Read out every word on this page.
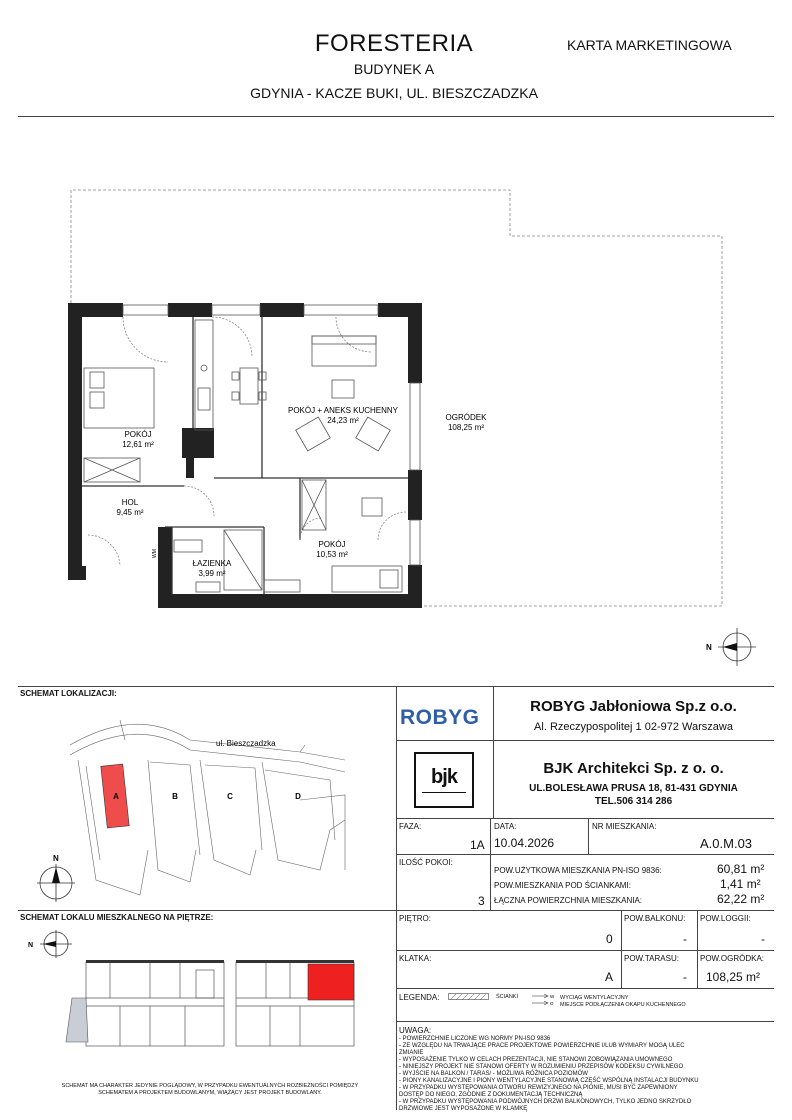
FORESTERIA
BUDYNEK A
GDYNIA - KACZE BUKI, UL. BIESZCZADZKA
KARTA MARKETINGOWA
POKÓJ
12,61 m²
HOL
9,45 m²
ŁAZIENKA
3,99 m²
POKÓJ + ANEKS KUCHENNY
24,23 m²
POKÓJ
10,53 m²
OGRÓDEK
108,25 m²
WM
N
SCHEMAT LOKALIZACJI:
A	B	C	D
ul. Bieszczadzka
N
SCHEMAT LOKALU MIESZKALNEGO NA PIĘTRZE:
N
SCHEMAT MA CHARAKTER JEDYNIE POGLĄDOWY, W PRZYPADKU EWENTUALNYCH ROZBIEŻNOŚCI POMIĘDZY SCHEMATEM A PROJEKTEM BUDOWLANYM, WIĄŻĄCY JEST PROJEKT BUDOWLANY.
ROBYG	ROBYG Jabłoniowa Sp.z o.o.
Al. Rzeczypospolitej 1 02-972 Warszawa
bjk	BJK Architekci Sp. z o. o.
UL.BOLESŁAWA PRUSA 18, 81-431 GDYNIA
TEL.506 314 286
FAZA:
1A
DATA:
10.04.2026
NR MIESZKANIA:
A.0.M.03
ILOŚĆ POKOI:
3
POW.UŻYTKOWA MIESZKANIA PN-ISO 9836:	60,81 m²
POW.MIESZKANIA POD ŚCIANKAMI:	1,41 m²
ŁĄCZNA POWIERZCHNIA MIESZKANIA:	62,22 m²
PIĘTRO:
0
POW.BALKONU:
-
POW.LOGGII:
-
KLATKA:
A
POW.TARASU:
-
POW.OGRÓDKA:
108,25 m²
LEGENDA:	ŚCIANKI	W
O
WYCIĄG WENTYLACYJNY
MIEJSCE PODŁĄCZENIA OKAPU KUCHENNEGO
UWAGA:
- POWIERZCHNIE LICZONE WG NORMY PN-ISO 9836
- ZE WZGLĘDU NA TRWAJĄCE PRACE PROJEKTOWE POWIERZCHNIE I/LUB WYMIARY MOGĄ ULEC ZMIANIE
- WYPOSAŻENIE TYLKO W CELACH PREZENTACJI, NIE STANOWI ZOBOWIĄZANIA UMOWNEGO
- NINIEJSZY PROJEKT NIE STANOWI OFERTY W ROZUMIENIU PRZEPISÓW KODEKSU CYWILNEGO
- WYJŚCIE NA BALKON / TARAS/ - MOŻLIWA RÓŻNICA POZIOMÓW
- PIONY KANALIZACYJNE I PIONY WENTYLACYJNE STANOWIĄ CZĘŚĆ WSPÓLNĄ INSTALACJI BUDYNKU
- W PRZYPADKU WYSTĘPOWANIA OTWORU REWIZYJNEGO NA PIONIE, MUSI BYĆ ZAPEWNIONY DOSTĘP DO NIEGO, ZGODNIE Z DOKUMENTACJĄ TECHNICZNĄ
- W PRZYPADKU WYSTĘPOWANIA PODWÓJNYCH DRZWI BALKONOWYCH, TYLKO JEDNO SKRZYDŁO DRZWIOWE JEST WYPOSAŻONE W KLAMKĘ
